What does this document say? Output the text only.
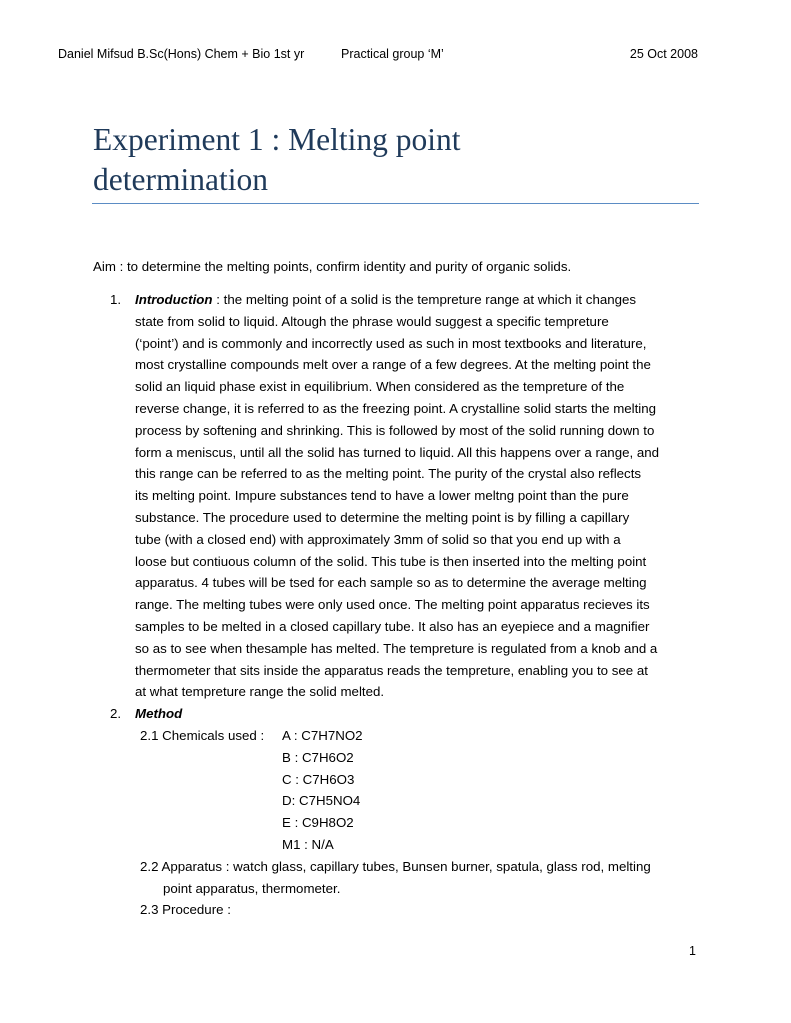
Daniel Mifsud B.Sc(Hons) Chem + Bio 1st yr	Practical group ‘M’	25 Oct 2008
Experiment 1 : Melting point
determination
Aim : to determine the melting points, confirm identity and purity of organic solids.
1. Introduction : the melting point of a solid is the tempreture range at which it changes
state from solid to liquid. Altough the phrase would suggest a specific tempreture
(‘point’) and is commonly and incorrectly used as such in most textbooks and literature,
most crystalline compounds melt over a range of a few degrees. At the melting point the
solid an liquid phase exist in equilibrium. When considered as the tempreture of the
reverse change, it is referred to as the freezing point. A crystalline solid starts the melting
process by softening and shrinking. This is followed by most of the solid running down to
form a meniscus, until all the solid has turned to liquid. All this happens over a range, and
this range can be referred to as the melting point. The purity of the crystal also reflects
its melting point. Impure substances tend to have a lower meltng point than the pure
substance. The procedure used to determine the melting point is by filling a capillary
tube (with a closed end) with approximately 3mm of solid so that you end up with a
loose but contiuous column of the solid. This tube is then inserted into the melting point
apparatus. 4 tubes will be tsed for each sample so as to determine the average melting
range. The melting tubes were only used once. The melting point apparatus recieves its
samples to be melted in a closed capillary tube. It also has an eyepiece and a magnifier
so as to see when thesample has melted. The tempreture is regulated from a knob and a
thermometer that sits inside the apparatus reads the tempreture, enabling you to see at
at what tempreture range the solid melted.
2. Method
2.1 Chemicals used : A : C7H7NO2
B : C7H6O2
C : C7H6O3
D: C7H5NO4
E : C9H8O2
M1 : N/A
2.2 Apparatus : watch glass, capillary tubes, Bunsen burner, spatula, glass rod, melting
point apparatus, thermometer.
2.3 Procedure :
1
